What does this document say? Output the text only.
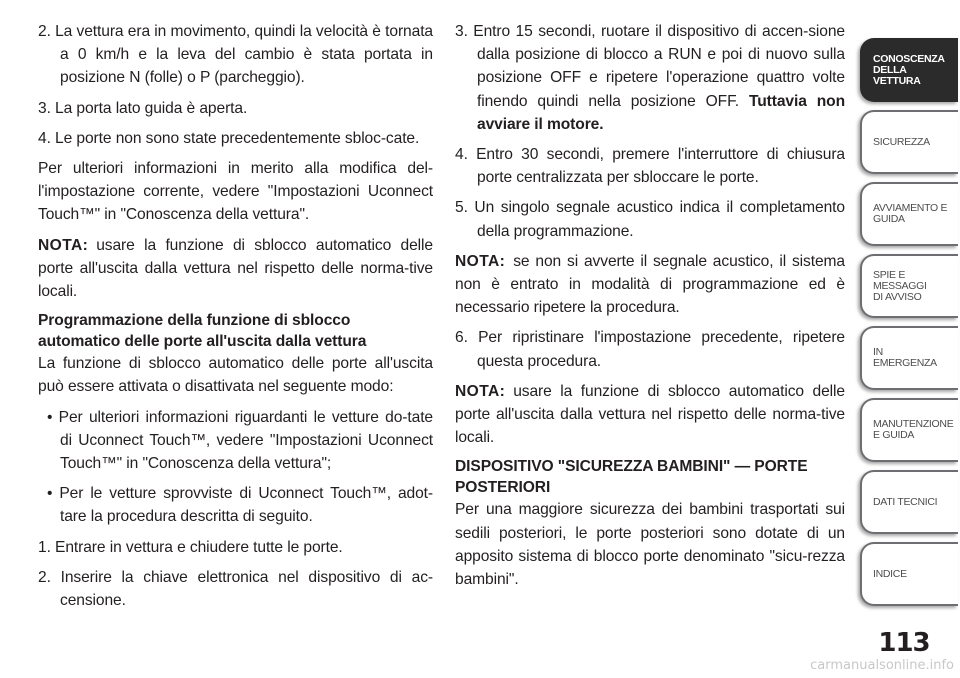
2. La vettura era in movimento, quindi la velocità è tornata a 0 km/h e la leva del cambio è stata portata in posizione N (folle) o P (parcheggio).

3. La porta lato guida è aperta.

4. Le porte non sono state precedentemente sbloc-cate.

Per ulteriori informazioni in merito alla modifica del-l'impostazione corrente, vedere "Impostazioni Uconnect Touch™" in "Conoscenza della vettura".

NOTA: usare la funzione di sblocco automatico delle porte all'uscita dalla vettura nel rispetto delle norma-tive locali.

Programmazione della funzione di sblocco automatico delle porte all'uscita dalla vettura

La funzione di sblocco automatico delle porte all'uscita può essere attivata o disattivata nel seguente modo:

• Per ulteriori informazioni riguardanti le vetture do-tate di Uconnect Touch™, vedere "Impostazioni Uconnect Touch™" in "Conoscenza della vettura";

• Per le vetture sprovviste di Uconnect Touch™, adot-tare la procedura descritta di seguito.

1. Entrare in vettura e chiudere tutte le porte.

2. Inserire la chiave elettronica nel dispositivo di ac-censione.

3. Entro 15 secondi, ruotare il dispositivo di accen-sione dalla posizione di blocco a RUN e poi di nuovo sulla posizione OFF e ripetere l'operazione quattro volte finendo quindi nella posizione OFF. Tuttavia non avviare il motore.

4. Entro 30 secondi, premere l'interruttore di chiusura porte centralizzata per sbloccare le porte.

5. Un singolo segnale acustico indica il completamento della programmazione.

NOTA: se non si avverte il segnale acustico, il sistema non è entrato in modalità di programmazione ed è necessario ripetere la procedura.

6. Per ripristinare l'impostazione precedente, ripetere questa procedura.

NOTA: usare la funzione di sblocco automatico delle porte all'uscita dalla vettura nel rispetto delle norma-tive locali.

DISPOSITIVO "SICUREZZA BAMBINI" — PORTE POSTERIORI

Per una maggiore sicurezza dei bambini trasportati sui sedili posteriori, le porte posteriori sono dotate di un apposito sistema di blocco porte denominato "sicu-rezza bambini".

CONOSCENZA
DELLA VETTURA
SICUREZZA
AVVIAMENTO E
GUIDA
SPIE E
MESSAGGI
DI AVVISO
IN
EMERGENZA
MANUTENZIONE
E GUIDA
DATI TECNICI
INDICE
113
carmanualsonline.info
